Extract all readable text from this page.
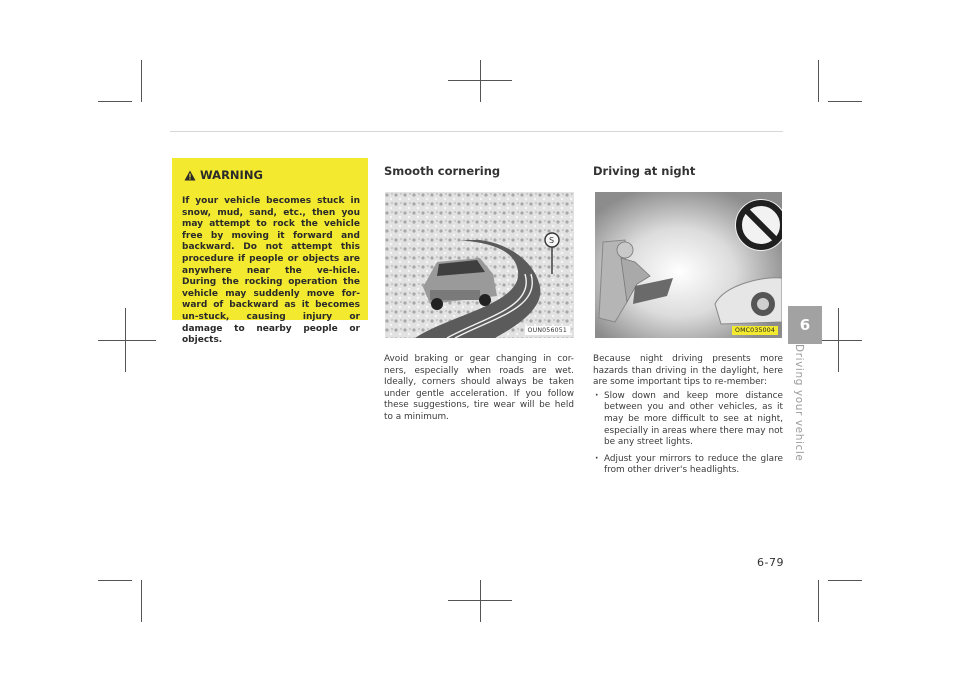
WARNING
If your vehicle becomes stuck in snow, mud, sand, etc., then you may attempt to rock the vehicle free by moving it forward and backward. Do not attempt this procedure if people or objects are anywhere near the ve-hicle. During the rocking operation the vehicle may suddenly move for-ward of backward as it becomes un-stuck, causing injury or damage to nearby people or objects.
Smooth cornering
S
OUN056051
Avoid braking or gear changing in cor-ners, especially when roads are wet. Ideally, corners should always be taken under gentle acceleration. If you follow these suggestions, tire wear will be held to a minimum.
Driving at night
OMC035004
Because night driving presents more hazards than driving in the daylight, here are some important tips to re-member:
· Slow down and keep more distance between you and other vehicles, as it may be more difficult to see at night, especially in areas where there may not be any street lights.
· Adjust your mirrors to reduce the glare from other driver's headlights.
6
Driving your vehicle
6-79
